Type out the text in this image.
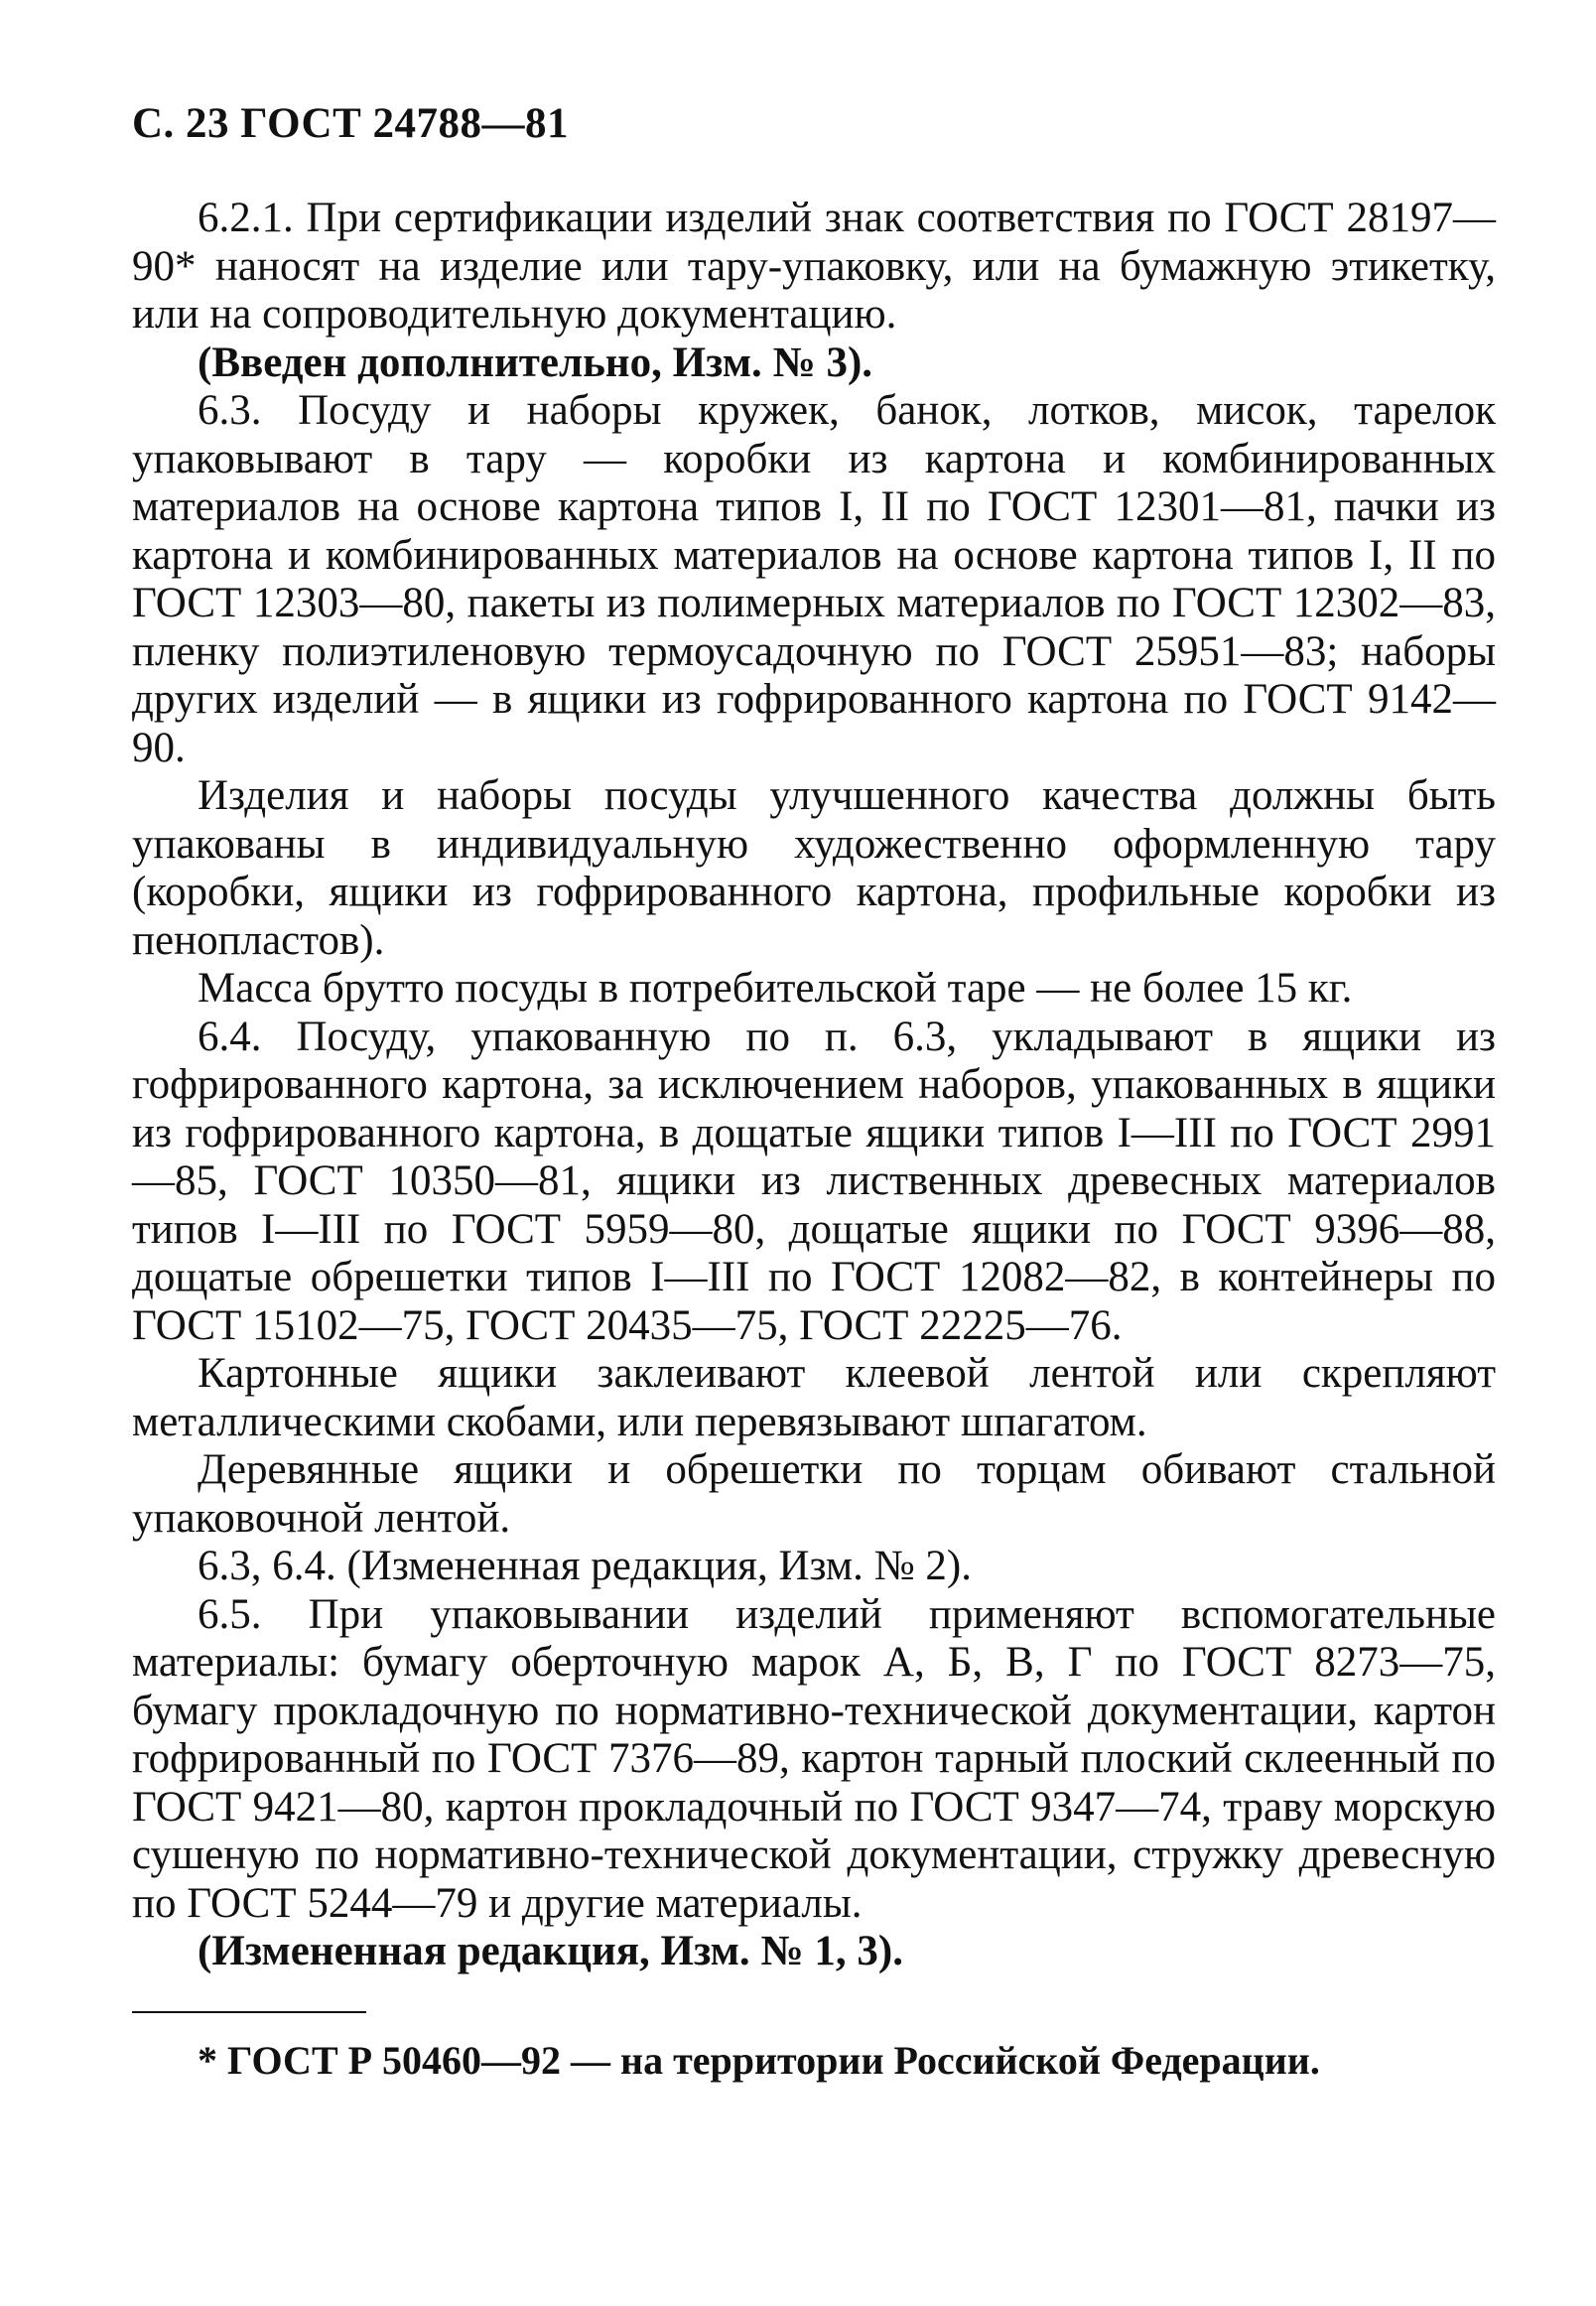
С. 23 ГОСТ 24788—81

6.2.1. При сертификации изделий знак соответствия по ГОСТ 28197—90* наносят на изделие или тару-упаковку, или на бумажную этикетку, или на сопроводительную документацию.

(Введен дополнительно, Изм. № 3).

6.3. Посуду и наборы кружек, банок, лотков, мисок, тарелок упаковывают в тару — коробки из картона и комбинированных материалов на основе картона типов I, II по ГОСТ 12301—81, пачки из картона и комбинированных материалов на основе картона типов I, II по ГОСТ 12303—80, пакеты из полимерных материалов по ГОСТ 12302—83, пленку полиэтиленовую термоусадочную по ГОСТ 25951—83; наборы других изделий — в ящики из гофрированного картона по ГОСТ 9142—90.

Изделия и наборы посуды улучшенного качества должны быть упакованы в индивидуальную художественно оформленную тару (коробки, ящики из гофрированного картона, профильные коробки из пенопластов).

Масса брутто посуды в потребительской таре — не более 15 кг.

6.4. Посуду, упакованную по п. 6.3, укладывают в ящики из гофрированного картона, за исключением наборов, упакованных в ящики из гофрированного картона, в дощатые ящики типов I—III по ГОСТ 2991—85, ГОСТ 10350—81, ящики из лиственных древесных материалов типов I—III по ГОСТ 5959—80, дощатые ящики по ГОСТ 9396—88, дощатые обрешетки типов I—III по ГОСТ 12082—82, в контейнеры по ГОСТ 15102—75, ГОСТ 20435—75, ГОСТ 22225—76.

Картонные ящики заклеивают клеевой лентой или скрепляют металлическими скобами, или перевязывают шпагатом.

Деревянные ящики и обрешетки по торцам обивают стальной упаковочной лентой.

6.3, 6.4. (Измененная редакция, Изм. № 2).

6.5. При упаковывании изделий применяют вспомогательные материалы: бумагу оберточную марок А, Б, В, Г по ГОСТ 8273—75, бумагу прокладочную по нормативно-технической документации, картон гофрированный по ГОСТ 7376—89, картон тарный плоский склеенный по ГОСТ 9421—80, картон прокладочный по ГОСТ 9347—74, траву морскую сушеную по нормативно-технической документации, стружку древесную по ГОСТ 5244—79 и другие материалы.

(Измененная редакция, Изм. № 1, 3).

* ГОСТ Р 50460—92 — на территории Российской Федерации.
